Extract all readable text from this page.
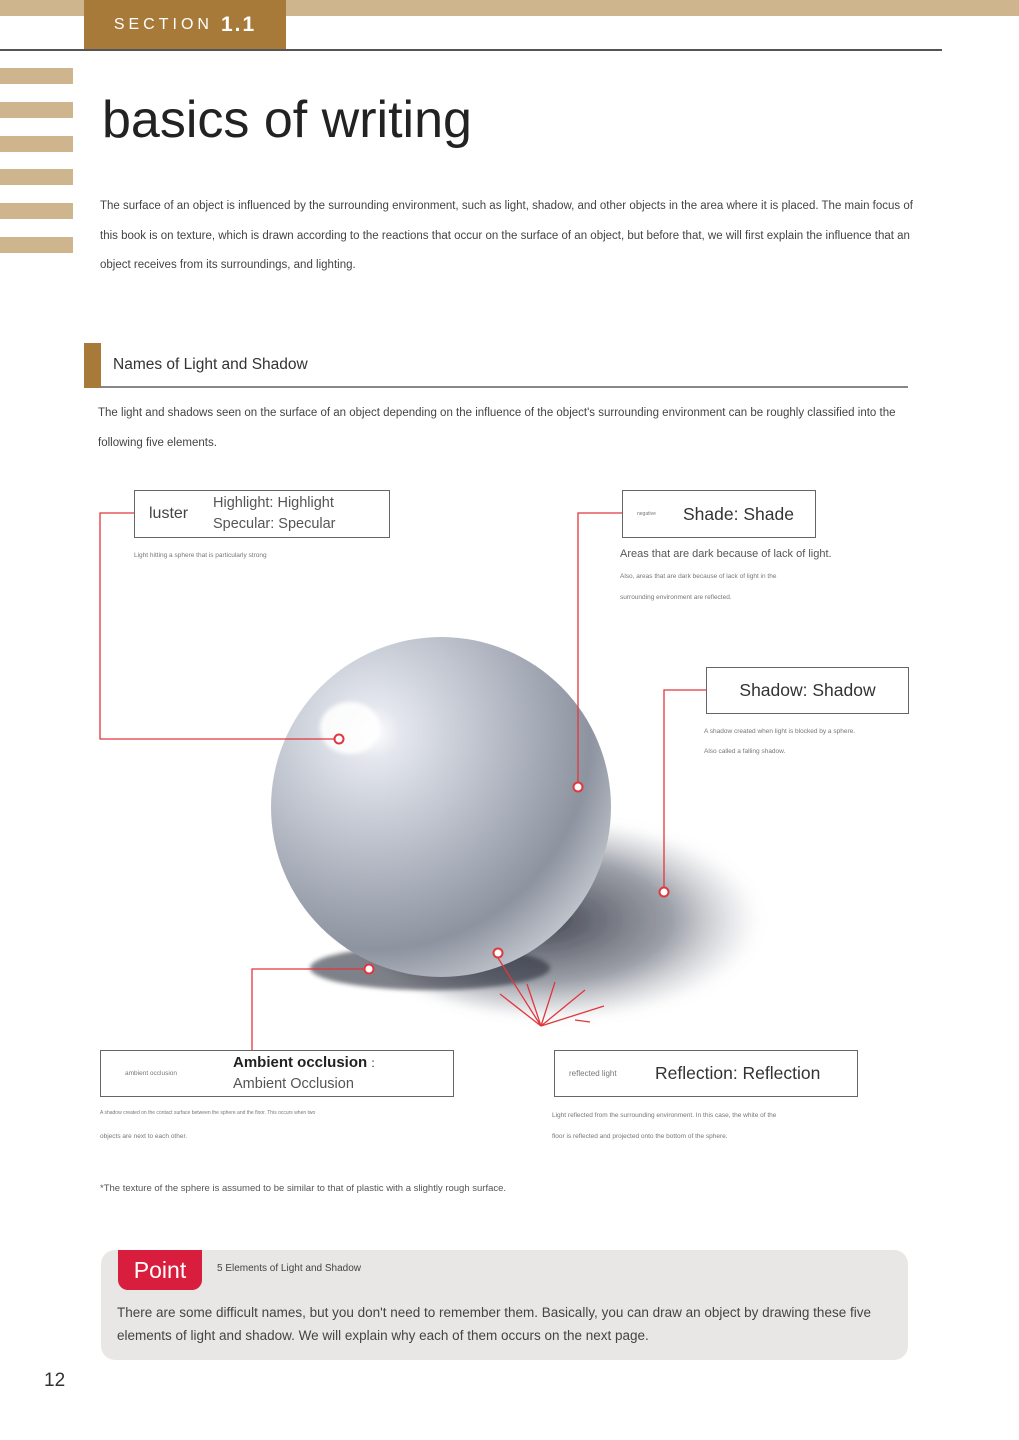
SECTION 1.1
basics of writing
The surface of an object is influenced by the surrounding environment, such as light, shadow, and other objects in the area where it is placed. The main focus of this book is on texture, which is drawn according to the reactions that occur on the surface of an object, but before that, we will first explain the influence that an object receives from its surroundings, and lighting.
Names of Light and Shadow
The light and shadows seen on the surface of an object depending on the influence of the object's surrounding environment can be roughly classified into the following five elements.
luster
Highlight: Highlight
Specular: Specular
Light hitting a sphere that is particularly strong
negative	Shade: Shade
Areas that are dark because of lack of light.
Also, areas that are dark because of lack of light in the
surrounding environment are reflected.
Shadow: Shadow
A shadow created when light is blocked by a sphere.
Also called a falling shadow.
ambient occlusion
Ambient occlusion :
Ambient Occlusion
A shadow created on the contact surface between the sphere and the floor. This occurs when two
objects are next to each other.
reflected light	Reflection: Reflection
Light reflected from the surrounding environment. In this case, the white of the
floor is reflected and projected onto the bottom of the sphere.
*The texture of the sphere is assumed to be similar to that of plastic with a slightly rough surface.
Point	5 Elements of Light and Shadow
There are some difficult names, but you don't need to remember them. Basically, you can draw an object by drawing these five elements of light and shadow. We will explain why each of them occurs on the next page.
12
